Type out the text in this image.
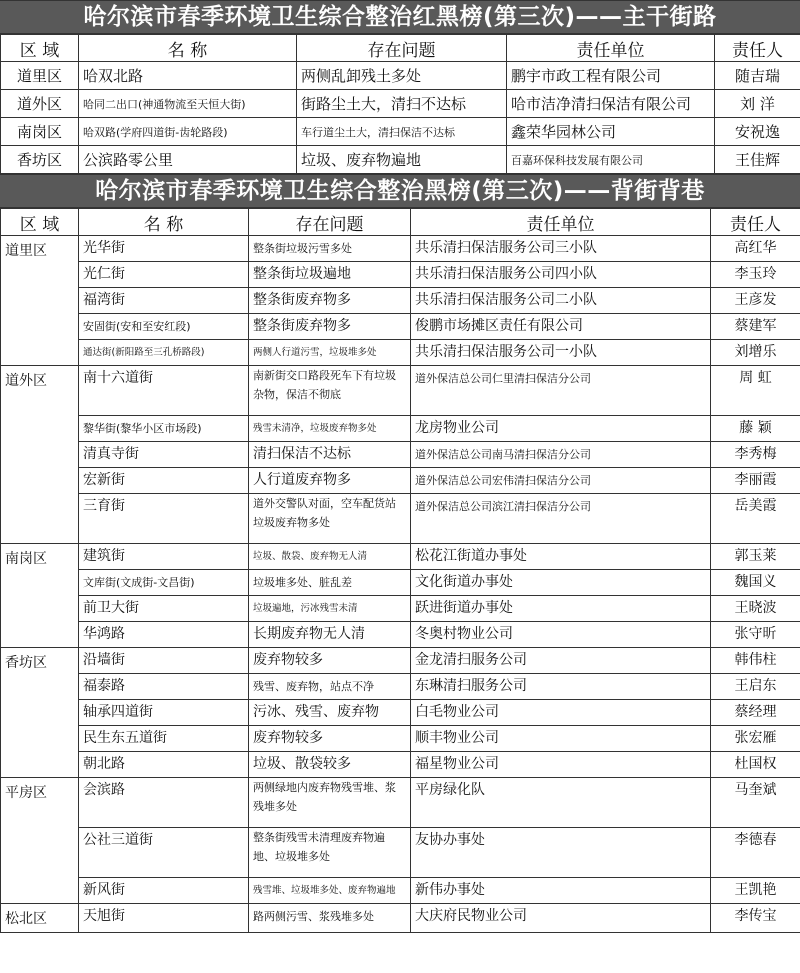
哈尔滨市春季环境卫生综合整治红黑榜(第三次)——主干街路
区 域	名 称	存在问题	责任单位	责任人
道里区	哈双北路	两侧乱卸残土多处	鹏宇市政工程有限公司	随吉瑞
道外区	哈同二出口(神通物流至天恒大街)	街路尘土大，清扫不达标	哈市洁净清扫保洁有限公司	刘 洋
南岗区	哈双路(学府四道街-齿轮路段)	车行道尘土大，清扫保洁不达标	鑫荣华园林公司	安祝逸
香坊区	公滨路零公里	垃圾、废弃物遍地	百嘉环保科技发展有限公司	王佳辉
哈尔滨市春季环境卫生综合整治黑榜(第三次)——背街背巷
区 域	名 称	存在问题	责任单位	责任人
道里区	光华街	整条街垃圾污雪多处	共乐清扫保洁服务公司三小队	高红华
	光仁街	整条街垃圾遍地	共乐清扫保洁服务公司四小队	李玉玲
	福湾街	整条街废弃物多	共乐清扫保洁服务公司二小队	王彦发
	安固街(安和至安红段)	整条街废弃物多	俊鹏市场摊区责任有限公司	蔡建军
	通达街(新阳路至三孔桥路段)	两侧人行道污雪，垃圾堆多处	共乐清扫保洁服务公司一小队	刘增乐
道外区	南十六道街	南新街交口路段死车下有垃圾杂物，保洁不彻底	道外保洁总公司仁里清扫保洁分公司	周 虹
	黎华街(黎华小区市场段)	残雪未清净，垃圾废弃物多处	龙房物业公司	藤 颖
	清真寺街	清扫保洁不达标	道外保洁总公司南马清扫保洁分公司	李秀梅
	宏新街	人行道废弃物多	道外保洁总公司宏伟清扫保洁分公司	李丽霞
	三育街	道外交警队对面，空车配货站垃圾废弃物多处	道外保洁总公司滨江清扫保洁分公司	岳美霞
南岗区	建筑街	垃圾、散袋、废弃物无人清	松花江街道办事处	郭玉莱
	文库街(文成街-文昌街)	垃圾堆多处、脏乱差	文化街道办事处	魏国义
	前卫大街	垃圾遍地，污冰残雪未清	跃进街道办事处	王晓波
	华鸿路	长期废弃物无人清	冬奥村物业公司	张守昕
香坊区	沿墙街	废弃物较多	金龙清扫服务公司	韩伟柱
	福泰路	残雪、废弃物，站点不净	东琳清扫服务公司	王启东
	轴承四道街	污冰、残雪、废弃物	白毛物业公司	蔡经理
	民生东五道街	废弃物较多	顺丰物业公司	张宏雁
	朝北路	垃圾、散袋较多	福星物业公司	杜国权
平房区	会滨路	两侧绿地内废弃物残雪堆、浆残堆多处	平房绿化队	马奎斌
	公社三道街	整条街残雪未清理废弃物遍地、垃圾堆多处	友协办事处	李德春
	新风街	残雪堆、垃圾堆多处、废弃物遍地	新伟办事处	王凯艳
松北区	天旭街	路两侧污雪、浆残堆多处	大庆府民物业公司	李传宝
